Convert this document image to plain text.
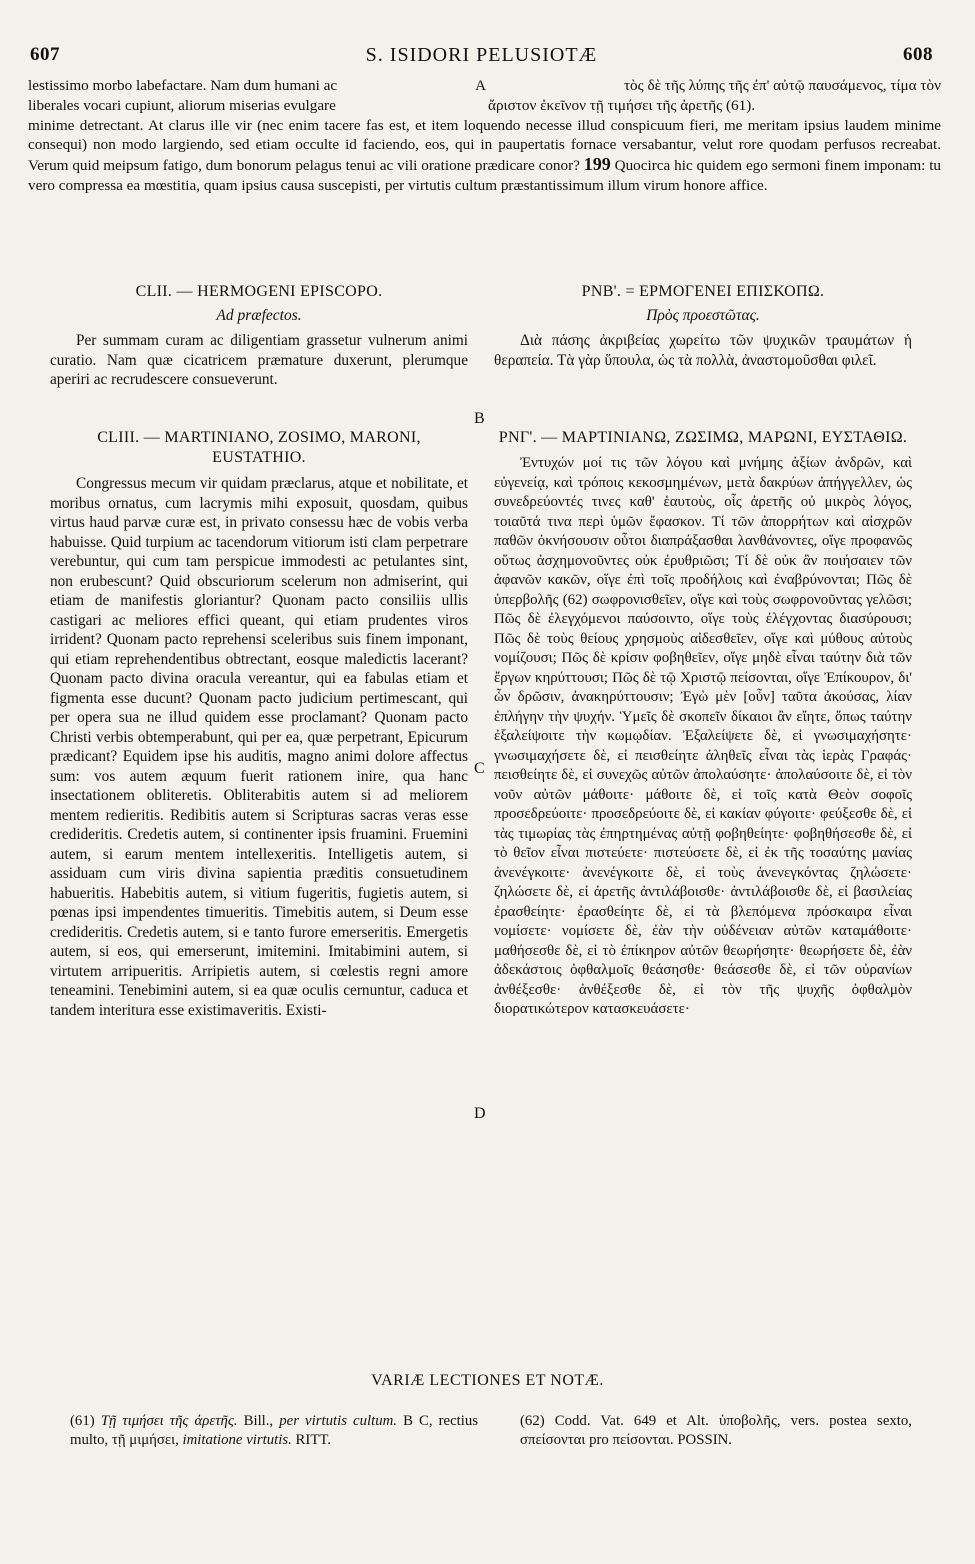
607	S. ISIDORI PELUSIOTÆ	608
lestissimo morbo labefactare. Nam dum humani ac	A	τὸς δὲ τῆς λύπης τῆς ἐπ' αὐτῷ παυσάμενος, τίμα τὸν
liberales vocari cupiunt, aliorum miserias evulgare	ἄριστον ἐκεῖνον τῇ τιμήσει τῆς ἀρετῆς (61).

minime detrectant. At clarus ille vir (nec enim tacere fas est, et item loquendo necesse illud conspicuum fieri, me meritam ipsius laudem minime consequi) non modo largiendo, sed etiam occulte id faciendo, eos, qui in paupertatis fornace versabantur, velut rore quodam perfusos recreabat. Verum quid meipsum fatigo, dum bonorum pelagus tenui ac vili oratione prædicare conor? 199 Quocirca hic quidem ego sermoni finem imponam: tu vero compressa ea mœstitia, quam ipsius causa suscepisti, per virtutis cultum præstantissimum illum virum honore affice.

CLII. — HERMOGENI EPISCOPO.
Ad præfectos.

Per summam curam ac diligentiam grassetur vulnerum animi curatio. Nam quæ cicatricem præmature duxerunt, plerumque aperiri ac recrudescere consueverunt.

ΡΝΒ'. = ΕΡΜΟΓΕΝΕΙ ΕΠΙΣΚΟΠΩ.
Πρὸς προεστῶτας.

Διὰ πάσης ἀκριβείας χωρείτω τῶν ψυχικῶν τραυμάτων ἡ θεραπεία. Τὰ γὰρ ὕπουλα, ὡς τὰ πολλὰ, ἀναστομοῦσθαι φιλεῖ.

B
C
D
CLIII. — MARTINIANO, ZOSIMO, MARONI, EUSTATHIO.

Congressus mecum vir quidam præclarus, atque et nobilitate, et moribus ornatus, cum lacrymis mihi exposuit, quosdam, quibus virtus haud parvæ curæ est, in privato consessu hæc de vobis verba habuisse. Quid turpium ac tacendorum vitiorum isti clam perpetrare verebuntur, qui cum tam perspicue immodesti ac petulantes sint, non erubescunt? Quid obscuriorum scelerum non admiserint, qui etiam de manifestis gloriantur? Quonam pacto consiliis ullis castigari ac meliores effici queant, qui etiam prudentes viros irrident? Quonam pacto reprehensi sceleribus suis finem imponant, qui etiam reprehendentibus obtrectant, eosque maledictis lacerant? Quonam pacto divina oracula vereantur, qui ea fabulas etiam et figmenta esse ducunt? Quonam pacto judicium pertimescant, qui per opera sua ne illud quidem esse proclamant? Quonam pacto Christi verbis obtemperabunt, qui per ea, quæ perpetrant, Epicurum prædicant? Equidem ipse his auditis, magno animi dolore affectus sum: vos autem æquum fuerit rationem inire, qua hanc insectationem obliteretis. Obliterabitis autem si ad meliorem mentem redieritis. Redibitis autem si Scripturas sacras veras esse credideritis. Credetis autem, si continenter ipsis fruamini. Fruemini autem, si earum mentem intellexeritis. Intelligetis autem, si assiduam cum viris divina sapientia præditis consuetudinem habueritis. Habebitis autem, si vitium fugeritis, fugietis autem, si pœnas ipsi impendentes timueritis. Timebitis autem, si Deum esse credideritis. Credetis autem, si e tanto furore emerseritis. Emergetis autem, si eos, qui emerserunt, imitemini. Imitabimini autem, si virtutem arripueritis. Arripietis autem, si cœlestis regni amore teneamini. Tenebimini autem, si ea quæ oculis cernuntur, caduca et tandem interitura esse existimaveritis. Existi-

ΡΝΓ'. — ΜΑΡΤΙΝΙΑΝΩ, ΖΩΣΙΜΩ, ΜΑΡΩΝΙ, ΕΥΣΤΑΘΙΩ.

Ἐντυχών μοί τις τῶν λόγου καὶ μνήμης ἀξίων ἀνδρῶν, καὶ εὐγενείᾳ, καὶ τρόποις κεκοσμημένων, μετὰ δακρύων ἀπήγγελλεν, ὡς συνεδρεύοντές τινες καθ' ἑαυτοὺς, οἷς ἀρετῆς οὐ μικρὸς λόγος, τοιαῦτά τινα περὶ ὑμῶν ἔφασκον. Τί τῶν ἀπορρήτων καὶ αἰσχρῶν παθῶν ὀκνήσουσιν οὗτοι διαπράξασθαι λανθάνοντες, οἵγε προφανῶς οὕτως ἀσχημονοῦντες οὐκ ἐρυθριῶσι; Τί δὲ οὐκ ἂν ποιήσαιεν τῶν ἀφανῶν κακῶν, οἵγε ἐπὶ τοῖς προδήλοις καὶ ἐναβρύνονται; Πῶς δὲ ὑπερβολῆς (62) σωφρονισθεῖεν, οἵγε καὶ τοὺς σωφρονοῦντας γελῶσι; Πῶς δὲ ἐλεγχόμενοι παύσοιντο, οἵγε τοὺς ἐλέγχοντας διασύρουσι; Πῶς δὲ τοὺς θείους χρησμοὺς αἰδεσθεῖεν, οἵγε καὶ μύθους αὐτοὺς νομίζουσι; Πῶς δὲ κρίσιν φοβηθεῖεν, οἵγε μηδὲ εἶναι ταύτην διὰ τῶν ἔργων κηρύττουσι; Πῶς δὲ τῷ Χριστῷ πείσονται, οἵγε Ἐπίκουρον, δι' ὧν δρῶσιν, ἀνακηρύττουσιν; Ἐγὼ μὲν [οὖν] ταῦτα ἀκούσας, λίαν ἐπλήγην τὴν ψυχήν. Ὑμεῖς δὲ σκοπεῖν δίκαιοι ἂν εἴητε, ὅπως ταύτην ἐξαλείψοιτε τὴν κωμῳδίαν. Ἐξαλείψετε δὲ, εἰ γνωσιμαχήσητε· γνωσιμαχήσετε δὲ, εἰ πεισθείητε ἀληθεῖς εἶναι τὰς ἱερὰς Γραφάς· πεισθείητε δὲ, εἰ συνεχῶς αὐτῶν ἀπολαύσητε· ἀπολαύσοιτε δὲ, εἰ τὸν νοῦν αὐτῶν μάθοιτε· μάθοιτε δὲ, εἰ τοῖς κατὰ Θεὸν σοφοῖς προσεδρεύοιτε· προσεδρεύοιτε δὲ, εἰ κακίαν φύγοιτε· φεύξεσθε δὲ, εἰ τὰς τιμωρίας τὰς ἐπηρτημένας αὐτῇ φοβηθείητε· φοβηθήσεσθε δὲ, εἰ τὸ θεῖον εἶναι πιστεύετε· πιστεύσετε δὲ, εἰ ἐκ τῆς τοσαύτης μανίας ἀνενέγκοιτε· ἀνενέγκοιτε δὲ, εἰ τοὺς ἀνενεγκόντας ζηλώσετε· ζηλώσετε δὲ, εἰ ἀρετῆς ἀντιλάβοισθε· ἀντιλάβοισθε δὲ, εἰ βασιλείας ἐρασθείητε· ἐρασθείητε δὲ, εἰ τὰ βλεπόμενα πρόσκαιρα εἶναι νομίσετε· νομίσετε δὲ, ἐὰν τὴν οὐδένειαν αὐτῶν καταμάθοιτε· μαθήσεσθε δὲ, εἰ τὸ ἐπίκηρον αὐτῶν θεωρήσητε· θεωρήσετε δὲ, ἐὰν ἀδεκάστοις ὀφθαλμοῖς θεάσησθε· θεάσεσθε δὲ, εἰ τῶν οὐρανίων ἀνθέξεσθε· ἀνθέξεσθε δὲ, εἰ τὸν τῆς ψυχῆς ὀφθαλμὸν διορατικώτερον κατασκευάσετε·

VARIÆ LECTIONES ET NOTÆ.
(61) Τῇ τιμήσει τῆς ἀρετῆς. Bill., per virtutis cultum. B C, rectius multo, τῇ μιμήσει, imitatione virtutis. RITT.
(62) Codd. Vat. 649 et Alt. ὑποβολῆς, vers. postea sexto, σπείσονται pro πείσονται. POSSIN.
